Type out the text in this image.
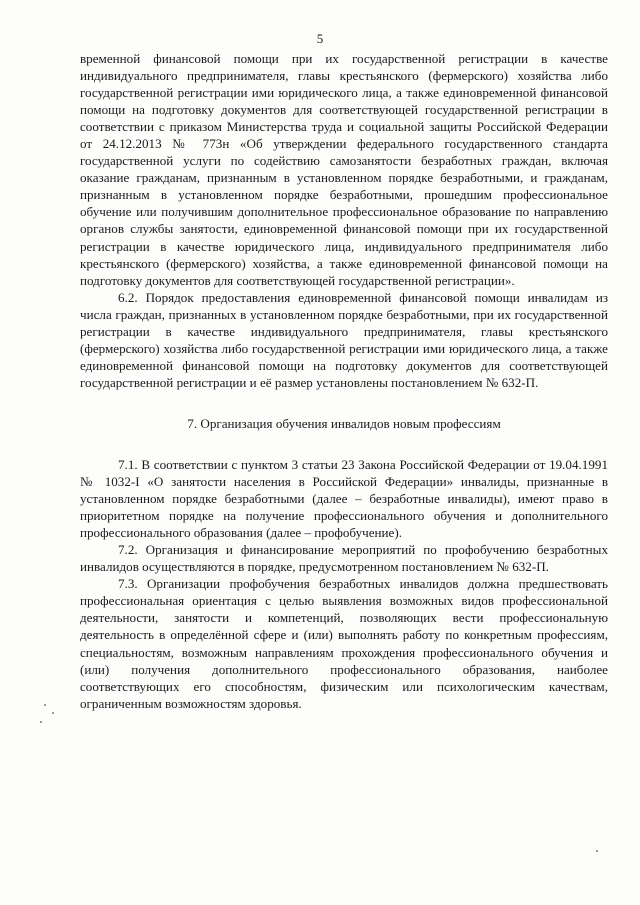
5

временной финансовой помощи при их государственной регистрации в качестве индивидуального предпринимателя, главы крестьянского (фермерского) хозяйства либо государственной регистрации ими юридического лица, а также единовременной финансовой помощи на подготовку документов для соответствующей государственной регистрации в соответствии с приказом Министерства труда и социальной защиты Российской Федерации от 24.12.2013 № 773н «Об утверждении федерального государственного стандарта государственной услуги по содействию самозанятости безработных граждан, включая оказание гражданам, признанным в установленном порядке безработными, и гражданам, признанным в установленном порядке безработными, прошедшим профессиональное обучение или получившим дополнительное профессиональное образование по направлению органов службы занятости, единовременной финансовой помощи при их государственной регистрации в качестве юридического лица, индивидуального предпринимателя либо крестьянского (фермерского) хозяйства, а также единовременной финансовой помощи на подготовку документов для соответствующей государственной регистрации».

6.2. Порядок предоставления единовременной финансовой помощи инвалидам из числа граждан, признанных в установленном порядке безработными, при их государственной регистрации в качестве индивидуального предпринимателя, главы крестьянского (фермерского) хозяйства либо государственной регистрации ими юридического лица, а также единовременной финансовой помощи на подготовку документов для соответствующей государственной регистрации и её размер установлены постановлением № 632-П.

7. Организация обучения инвалидов новым профессиям

7.1. В соответствии с пунктом 3 статьи 23 Закона Российской Федерации от 19.04.1991 № 1032-I «О занятости населения в Российской Федерации» инвалиды, признанные в установленном порядке безработными (далее – безработные инвалиды), имеют право в приоритетном порядке на получение профессионального обучения и дополнительного профессионального образования (далее – профобучение).

7.2. Организация и финансирование мероприятий по профобучению безработных инвалидов осуществляются в порядке, предусмотренном постановлением № 632-П.

7.3. Организации профобучения безработных инвалидов должна предшествовать профессиональная ориентация с целью выявления возможных видов профессиональной деятельности, занятости и компетенций, позволяющих вести профессиональную деятельность в определённой сфере и (или) выполнять работу по конкретным профессиям, специальностям, возможным направлениям прохождения профессионального обучения и (или) получения дополнительного профессионального образования, наиболее соответствующих его способностям, физическим или психологическим качествам, ограниченным возможностям здоровья.
